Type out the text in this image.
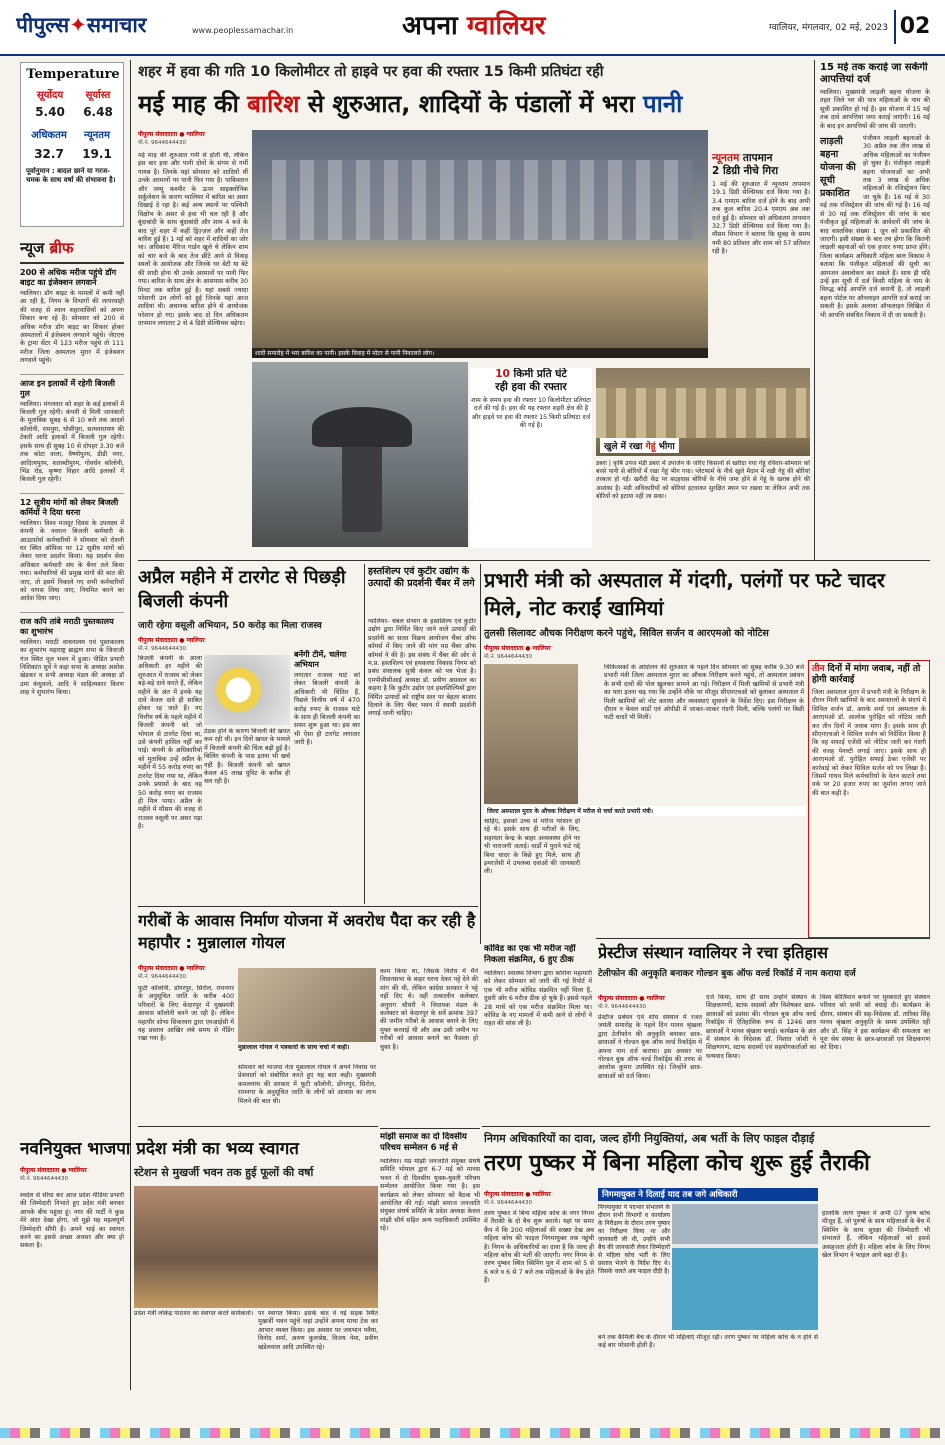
पीपुल्स✦समाचार	www.peoplessamachar.in	अपना ग्वालियर	ग्वालियर, मंगलवार, 02 मई, 2023 02
Temperature
सूर्योदय	सूर्यास्त
5.40	6.48
अधिकतम	न्यूनतम
32.7	19.1
पूर्वानुमान : बादल छाने या गरज-चमक के साथ वर्षा की संभावना है।
न्यूज ब्रीफ
200 से अधिक मरीज पहुंचे डॉग बाइट का इंजेक्शन लगवाने
ग्वालियर। डॉग बाइट के मामलों में कमी नहीं आ रही है, निगम के विभागों की लापरवाही की वजह से श्वान शहरवासियों को अपना शिकार बना रहे हैं। सोमवार को 200 से अधिक मरीज डॉग बाइट का शिकार होकर अस्पतालों में इंजेक्शन लगवाने पहुंचे। जेएएच के ट्रामा सेंटर में 123 मरीज पहुंचे तो 111 मरीज जिला अस्पताल मुरार में इंजेक्शन लगवाने पहुंचे।
आज इन इलाकों में रहेगी बिजली गुल
ग्वालियर। मंगलवार को शहर के कई इलाकों में बिजली गुल रहेगी। कंपनी से मिली जानकारी के मुताबिक सुबह 6 से 10 बजे तक आदर्श कॉलोनी, रामपुरा, घोसीपुरा, सत्यनारायण की टेकरी आदि इलाकों में बिजली गुल रहेगी। इसके साथ ही सुबह 10 से दोपहर 3.30 बजे तक कोटा वाला, वैष्णोपुरम, डीडी नगर, आदित्यपुरम, शताब्दीपुरम, गोवर्धन कॉलोनी, भिंड रोड, कृष्णा विहार आदि इलाकों में बिजली गुल रहेगी।
12 सूत्रीय मांगों को लेकर बिजली कर्मियों ने दिया धरना
ग्वालियर। विश्व मजदूर दिवस के उपलक्ष्य में कंपनी के नवरत्न बिजली कर्मचारी के आउटसोर्स कर्मचारियों ने सोमवार को रोशनी घर स्थित ऑफिस पर 12 सूत्रीय मांगों को लेकर धरना प्रदर्शन किया। यह प्रदर्शन सेवा अधिकार कर्मचारी संघ के बैनर तले किया गया। कर्मचारियों की प्रमुख मांगों की बात की जाए, तो इसमें निकाले गए सभी कर्मचारियों को वापस लिया जाए, नियमित करने का आदेश दिया जाए।
राज कपि तांबे मराठी पुस्तकालय का शुभारंभ
ग्वालियर। मराठी वाचनालय एवं पुस्तकालय का शुभारंभ महाराष्ट्र ब्राह्मण सभा के जिवाजी गंज स्थित मूल भवन में हुआ। पीडित प्रभारी निशिकांत सुर्वे ने कहा सभा के अध्यक्ष अशोक खेडकर व सभी अध्यक्ष मंडल की अध्यक्ष डॉ उमा कंधुवाले, आदि ने साहित्यकार किरण शाह ने शुभारंभ किया।
शहर में हवा की गति 10 किलोमीटर तो हाइवे पर हवा की रफ्तार 15 किमी प्रतिघंटा रही
मई माह की बारिश से शुरुआत, शादियों के पंडालों में भरा पानी
पीपुल्स संवाददाता ● ग्वालियर
मो.नं. 9644644430
मई माह की शुरुआत गर्मी से होती थी, लेकिन इस बार हवा और पानी दोनों के संगम से गर्मी गायब है। जिनके यहां सोमवार को शादियों थीं उनके अरमानों पर पानी फिर गया है। पाकिस्तान और जम्मू कश्मीर के ऊपर साइक्लोनिक सर्कुलेशन के कारण ग्वालियर में बारिश का असर दिखाई दे रहा है। कई अन्य स्थानों पर पश्चिमी विक्षोभ के असर से हवा भी चल रही है और बूंदाबांदी के साथ बूंदाबांदी और शाम 4 बजे के बाद पूरे शहर में कहीं ड्रिज़्ज़ल और कहीं तेज बारिश हुई है। 1 मई को शहर में शादियों का जोर था। अधिकांश मैरिज गार्डन खुले थे लेकिन शाम को चार बजे के बाद तेज छींटे आने से विवाह स्थलों के आयोजक और जिनके घर बेटी या बेटे की शादी होना थी उनके अरमानों पर पानी फिर गया। बारिश के साथ क्षेत्र के आसपास करीब 30 मिनट तक बारिश हुई है। यहां सबसे ज्यादा परेशानी उन लोगों को हुई जिनके यहां आज शादियां थी। अचानक बारिश होने से आयोजक परेशान हो गए। इसके बाद दो दिन अधिकतम तापमान लगातार 2 से 4 डिग्री सेल्सियस बढ़ेगा।
शादी समारोह में भरा बारिश का पानी। इसके विवाह में मोटर से पानी निकालते लोग।
न्यूनतम तापमान
2 डिग्री नीचे गिरा
1 मई की शुरुआत में न्यूनतम तापमान 19.1 डिग्री सेल्सियस दर्ज किया गया है। 3.4 एमएम बारिश दर्ज होने के बाद अभी तक कुल बारिश 20.4 एमएम अब तक दर्ज हुई है। सोमवार को अधिकतम तापमान 32.7 डिग्री सेल्सियस दर्ज किया गया है। मौसम विभाग ने बताया कि सुबह के समय नमी 80 प्रतिशत और शाम को 57 प्रतिशत रही है।
10 किमी प्रति घंटे
रही हवा की रफ्तार
शाम के समय हवा की रफ्तार 10 किलोमीटर प्रतिघंटा दर्ज की गई है। हवा की यह रफ्तार शहरी क्षेत्र की है और हाइवे पर हवा की रफ्तार 15 किमी प्रतिघंटा दर्ज की गई है।
खुले में रखा गेहूं भीगा
डबरा | कृषि उपज मंडी डबरा में उपार्जन के जरिए किसानों से खरीदा गया गेहूं रविवार-सोमवार को बरसे पानी से बोरियों में रखा गेहूं भीग गया। प्लेटफार्म के नीचे खुले मैदान में रखी गेहूं की बोरियां तरबतर हो गईं। खरीदी केंद्र पर बदहवास बोरियों के नीचे जमा होने से गेहूं के खराब होने की आशंका है। मंडी अधिकारियों को बोरियां हटवाकर सुरक्षित स्थान पर रखवा या लेकिन अभी तक बोरियों को हटाया नहीं जा सका।
15 मई तक कराई जा सकेंगी आपत्तियां दर्ज
ग्वालियर। मुख्यमंत्री लाड़ली बहना योजना के तहत जिले भर की पात्र महिलाओं के नाम की सूची प्रकाशित हो गई है। इस योजना में 15 मई तक दावे आपत्तियां जमा कराई जाएंगी। 16 मई के बाद इन आपत्तियों की जांच की जाएगी।
लाड़ली बहना योजना की सूची प्रकाशित
पंजीयन लाड़ली बहनाओं के 30 अप्रैल तक तीन लाख से अधिक महिलाओं का पंजीयन हो चुका है। पंजीकृत लाड़ली बहना योजनाओं का अभी तक 3 लाख से अधिक महिलाओं के रजिस्ट्रेशन किए जा चुके हैं। 16 मई से 30 मई तक रजिस्ट्रेशन की जांच की गई है। 16 मई से 30 मई तक रजिस्ट्रेशन की जांच के बाद पंजीकृत हुई महिलाओं के आवेदनों की जांच के बाद वास्तविक संख्या 1 जून को प्रकाशित की जाएगी। इसी संख्या के बाद तय होगा कि कितनी लाड़ली बहनाओं को एक हजार रुपए प्राप्त होंगे। जिला कार्यक्रम अधिकारी महिला बाल विकास ने बताया कि पंजीकृत महिलाओं की सूची का आमजन अवलोकन कर सकते हैं। साथ ही यदि उन्हें इस सूची में दर्ज किसी महिला के नाम के विरुद्ध कोई आपत्ति दर्ज करानी है, तो लाड़ली बहना पोर्टल पर ऑनलाइन आपत्ति दर्ज कराई जा सकती है। इसके अलावा ऑफलाइन लिखित में भी आपत्ति संबंधित निकाय में दी जा सकती है।
अप्रैल महीने में टारगेट से पिछड़ी बिजली कंपनी
जारी रहेगा वसूली अभियान, 50 करोड़ का मिला राजस्व
पीपुल्स संवाददाता ● ग्वालियर
मो.नं. 9644644430
बिजली कंपनी के आला अधिकारी हर महीने की शुरुआत में राजस्व को लेकर बड़े-बड़े दावे करते हैं, लेकिन महीने के अंत में इनके यह दावे केवल दावे ही साबित होकर रह जाते हैं। नए वित्तीय वर्ष के पहले महीने में बिजली कंपनी को जो भोपाल से टारगेट दिया था, उसे कंपनी हासिल नहीं कर पाई। कंपनी के अधिकारियों को मुताबिक उन्हें अप्रैल के महीने में 55 करोड़ रुपए का टारगेट दिया गया था, लेकिन उनके प्रयासों के बाद वह 50 करोड़ रुपए का राजस्व ही मिल पाया। अप्रैल के महीने में मौसम की वजह से राजस्व वसूली पर असर पड़ा है।
ठंडक होने के कारण बिजली की खपत कम रही थी। इन दिनों खपत के मामले में बिजली कंपनी की चिंता बढ़ी हुई है। बिलिंग कंपनी के पास इतना भी खर्च नहीं है। बिजली कंपनी को खपत केवल 45 लाख यूनिट के करीब ही चल रही है।
बनेंगी टीमें, चलेगा अभियान
लगातार राजस्व घाटे को लेकर बिजली कंपनी के अधिकारी भी चिंतित हैं, पिछले वित्तीय वर्ष में 470 करोड़ रुपए के राजस्व घाटे के साथ ही बिजली कंपनी का सफर शुरू हुआ था। इस बार भी ऐसा ही टारगेट लगातार जारी है।
हस्तशिल्प एवं कुटीर उद्योग के उत्पादों की प्रदर्शनी चैंबर में लगे
ग्वालियर- चंबल संभाग के हस्तशिल्प एवं कुटीर उद्योग द्वारा निर्मित किए जाने वाले उत्पादों की प्रदर्शनी का सतत विक्रय आयोजन चैंबर ऑफ कॉमर्स में किए जाने की मांग मप्र चैंबर ऑफ कॉमर्स ने की है। इस संबंध में चैंबर की ओर से म.प्र. हस्तशिल्प एवं हथकरघा विकास निगम को प्रबंध संचालक सुश्री कंवल को पत्र भेजा है। एमपीसीसीआई अध्यक्ष डॉ. प्रवीण अग्रवाल का कहना है कि कुटीर उद्योग एवं हस्तशिल्पियों द्वारा निर्मित उत्पादों को राष्ट्रीय स्तर पर बेहतर बाजार दिलाने के लिए चैंबर भवन में स्थायी प्रदर्शनी लगाई जानी चाहिए।
प्रभारी मंत्री को अस्पताल में गंदगी, पलंगों पर फटे चादर मिले, नोट कराईं खामियां
तुलसी सिलावट औचक निरीक्षण करने पहुंचे, सिविल सर्जन व आरएमओ को नोटिस
पीपुल्स संवाददाता ● ग्वालियर
मो.नं. 9644644430
चिकित्सकों के आंदोलन की शुरुआत के पहले दिन सोमवार को सुबह करीब 9.30 बजे प्रभारी मंत्री जिला अस्पताल मुरार का औचक निरीक्षण करने पहुंचे, तो अस्पताल प्रबंधन के सभी दावों की पोल खुलकर सामने आ गई। निरीक्षण में मिली खामियों से प्रभारी मंत्री का पारा इतना चढ़ गया कि उन्होंने मौके पर मौजूद सीएमएचओ को बुलाकर अस्पताल में मिली खामियों को नोट कराया और व्यवस्थाएं सुधारने के निर्देश दिए। इस निरीक्षण के दौरान न केवल वार्डों एवं ओपीडी में जाकर-जाकर गंदगी मिली, बल्कि पलंगों पर बिछी फटी चादरें भी मिलीं।
जिला अस्पताल मुरार के औचक निरीक्षण में मरीज से चर्चा करते प्रभारी मंत्री।
चाहिए, इसको उच्च से मरीज परेशान हो रहे थे। इसके साथ ही मरीजों के लिए, सहायता केन्द्र के बाहर अव्यवस्था होने पर भी नाराजगी जताई। वार्डों में पुराने फटे गद्दे बिना चादर के बिछे हुए मिले, साथ ही इमरजेंसी में उपलब्ध दवाओं की जानकारी ली।
तीन दिनों में मांगा जवाब, नहीं तो होगी कार्रवाई
जिला अस्पताल मुरार में प्रभारी मंत्री के निरीक्षण के दौरान मिली खामियों के बाद अस्पतालों के संदर्भ में सिविल सर्जन डॉ. आरके शर्मा एवं अस्पताल के आरएमओ डॉ. आलोक पुरोहित को नोटिस जारी कर तीन दिनों में जवाब मांगा है। इसके साथ ही सीएमएचओ ने सिविल सर्जन को निर्देशित किया है कि वह सफाई एजेंसी को नोटिस जारी कर गंदगी की वजह पेनल्टी लगाई जाए। इसके साथ ही आरएमओ डॉ. पुरोहित सफाई ठेका एजेंसी पर कार्रवाई को लेकर सिविल सर्जन को पत्र लिखा है। जिसमें गांधव मिले कर्मचारियों के वेतन काटने तथा वर्क पर 20 हजार रुपए का जुर्माना लगाए जाने की बात कही है।
कोविड का एक भी मरीज नहीं निकला संक्रमित, 6 हुए ठीक
ग्वालियर। स्वास्थ्य विभाग द्वारा कोरोना महामारी को लेकर सोमवार को जारी की गई रिपोर्ट में एक भी मरीज कोविड संक्रमित नहीं मिला है, दूसरी ओर 6 मरीज ठीक हो चुके हैं। इससे पहले 28 मार्च को एक मरीज संक्रमित मिला था। कोविड के नए मामलों में कमी आने से लोगों ने राहत की सांस ली है।
गरीबों के आवास निर्माण योजना में अवरोध पैदा कर रही है महापौर : मुन्नालाल गोयल
पीपुल्स संवाददाता ● ग्वालियर
मो.नं. 9644644430
फूटी कॉलोनी, डोंगरपुर, सिरोल, रामनगर के अनुसूचित जाति के करीब 400 परिवारों के लिए केदारपुर में मुख्यमंत्री आवास कॉलोनी बनने जा रही है। लेकिन महापौर शोभा सिकरवार द्वारा एमआईसी में यह प्रस्ताव आखिर लंबे समय से पेंडिंग रखा गया है।
मुन्नालाल गोयल ने पत्रकारों के साथ चर्चा में कहीं।
सोमवार को भाजपा नेता मुन्नालाल गोयल ने अपने निवास पर प्रेसवार्ता को संबोधित करते हुए यह बात कही। मुख्यमंत्री कमलनाथ की सरकार में फूटी कॉलोनी, डोंगरपुर, सिरोल, रामनगर के अनुसूचित जाति के लोगों को आवास का लाभ मिलने की बात थी।
काम किया था, जिसके विरोध में मैंने विधानसभा के बाहर धरना देकर पट्टे देने की मांग की थी, लेकिन कांग्रेस सरकार ने पट्टे नहीं दिए थे। वहीं तत्कालीन कलेक्टर अनुराग चौधरी ने विधायक मंडल के कलेक्टर को केदारपुर के सर्वे क्रमांक 397 की जमीन गरीबों के आवास बनाने के लिए मुफ्त करवाई थी और अब उसी जमीन पर गरीबों को आवास बनाने का फैसला हो चुका है।
मांझी समाज का दो दिवसीय परिचय सम्मेलन 6 मई से
ग्वालियर। मप्र मांझी जनजाति संयुक्त संघर्ष समिति भोपाल द्वारा 6-7 मई को मानस भवन में दो दिवसीय युवक-युवती परिचय सम्मेलन आयोजित किया गया है। इस कार्यक्रम को लेकर सोमवार को बैठक भी आयोजित की गई। मांझी समाज जनजाति संयुक्त संघर्ष समिति के प्रदेश अध्यक्ष केवल मांझी सौर्य सहित अन्य पदाधिकारी उपस्थित रहे।
प्रेस्टीज संस्थान ग्वालियर ने रचा इतिहास
टेलीफोन की अनुकृति बनाकर गोल्डन बुक ऑफ वर्ल्ड रिकॉर्ड में नाम कराया दर्ज
पीपुल्स संवाददाता ● ग्वालियर
मो.नं. 9644644430
प्रेस्टीज प्रबंधन एवं शोध संस्थान में रजत जयंती समारोह के पहले दिन मानव श्रृंखला द्वारा टेलीफोन की अनुकृति बनाकर छात्र-छात्राओं ने गोल्डन बुक ऑफ वर्ल्ड रिकॉर्ड्स में अपना नाम दर्ज कराया। इस अवसर पर गोल्डन बुक ऑफ वर्ल्ड रिकॉर्ड्स की तरफ से आलोक कुमार उपस्थित रहे। जिन्होंने छात्र-छात्राओं को दर्ज किया।
दर्ज किया, साथ ही साथ उन्होंने संस्थान के शिक्षकगणों, स्टाफ सदस्यों और विशेषकर छात्र-छात्राओं को प्रशंसा की। गोल्डन बुक ऑफ वर्ल्ड रिकॉर्ड्स में ऐतिहासिक रूप से 1246 छात्र छात्राओं ने मानव श्रृंखला बनाई। कार्यक्रम के अंत में संस्थान के निदेशक डॉ. निशांत जोशी ने शिक्षणगण, स्टाफ सदस्यों एवं सहयोगकर्ताओं का धन्यवाद किया।
विश्व कीर्तिमान बनाने पर मुस्कराते हुए संस्थान परिवार को सभी को बधाई दी। कार्यक्रम के दौरान, संस्थान की सह-निदेशक डॉ. तारिका सिंह मानव श्रृंखला अनुकृति के समय उपस्थित रहीं और डॉ. सिंह ने इस कार्यक्रम की सफलता का पूरा श्रेय संस्था के छात्र-छात्राओं एवं शिक्षकगण को दिया।
नवनियुक्त भाजपा प्रदेश मंत्री का भव्य स्वागत
पीपुल्स संवाददाता ● ग्वालियर
मो.नं. 9644644430
स्वदेश से सीधा कर आज प्रदेश मीडिया प्रभारी की जिम्मेदारी निभाते हुए प्रदेश मंत्री बनकर आपके बीच पहुंचा हूं। नगर की पार्टी ने कुछ मेरे अंदर देखा होगा, जो मुझे यह महत्वपूर्ण जिम्मेदारी सौंपी है। अपने भाई का स्वागत करने का इससे अच्छा अवसर और क्या हो सकता है।
स्टेशन से मुखर्जी भवन तक हुई फूलों की वर्षा
प्रदेश मंत्री लोकेंद्र पाराशर का स्वागत करते कार्यकर्ता। पर स्वागत किया। इसके बाद वे नई सड़क स्थित मुखर्जी भवन पहुंचे जहां उन्होंने अपना माथा टेक कर आभार व्यक्त किया। इस अवसर पर जयभान पवैया, विनोद शर्मा, अरुण कुलश्रेष्ठ, विजय नेमा, प्रवीण खंडेलवाल आदि उपस्थित रहे।
निगम अधिकारियों का दावा, जल्द होंगी नियुक्तियां, अब भर्ती के लिए फाइल दौड़ाई
तरण पुष्कर में बिना महिला कोच शुरू हुई तैराकी
पीपुल्स संवाददाता ● ग्वालियर
मो.नं. 9644644430
तरण पुष्कर में बिना महिला कोच के नगर निगम में तैराकी के दो बैच शुरू कराये। यहां पर समर कैंप में कि 200 महिलाओं की सख्या देख अब महिला कोच की फाइल निगमायुक्त तक पहुंची है। निगम के अधिकारियों का दावा है कि जल्द ही महिला कोच की भर्ती की जाएगी। नगर निगम के तरण पुष्कर स्थित स्विमिंग पूल में शाम को 5 से 6 बजे व 6 से 7 बजे तक महिलाओं के बैच होते हैं।
निगमायुक्त ने दिलाई याद तब जगे अधिकारी
निगमायुक्त ने पदभार संभालने के दौरान सभी विभागों व कार्यालय के निरीक्षण के दौरान तरण पुष्कर का निरीक्षण किया था और जानकारी ली थी, उन्होंने सभी बैच की जानकारी लेकर जिम्मेदारों से महिला कोच भर्ती के लिए प्रस्ताव भेजने के निर्देश दिए थे। जिसके चलते अब फाइल दौड़ी है।
बने तक कैमिली बैच के दौरान भी महिलाएं मौजूद रहीं। तरण पुष्कर पर महिला कोच के न होने से कई बार परेशानी होती है।
हालांकि तरण पुष्कर में अभी 07 पुरुष कोच मौजूद हैं, जो पुरुषों के साथ महिलाओं के बैच में स्विमिंग के साथ सुरक्षा की जिम्मेदारी भी संभालते हैं, लेकिन महिलाओं को इससे असहजता होती है। महिला कोच के लिए निगम खेल विभाग ने फाइल आगे बढ़ा दी है।
